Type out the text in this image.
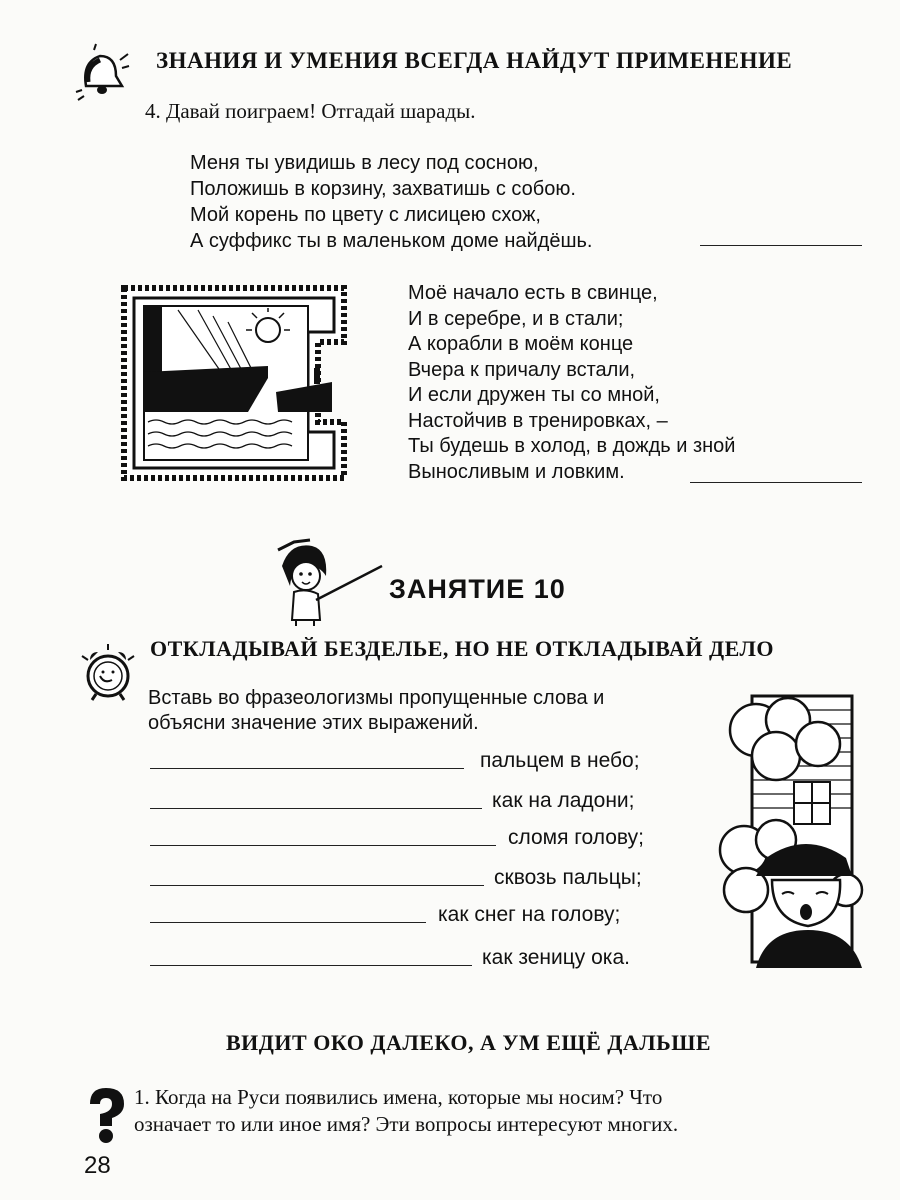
ЗНАНИЯ И УМЕНИЯ ВСЕГДА НАЙДУТ ПРИМЕНЕНИЕ
4. Давай поиграем! Отгадай шарады.
Меня ты увидишь в лесу под сосною,
Положишь в корзину, захватишь с собою.
Мой корень по цвету с лисицею схож,
А суффикс ты в маленьком доме найдёшь.
Моё начало есть в свинце,
И в серебре, и в стали;
А корабли в моём конце
Вчера к причалу встали,
И если дружен ты со мной,
Настойчив в тренировках, –
Ты будешь в холод, в дождь и зной
Выносливым и ловким.
ЗАНЯТИЕ 10
ОТКЛАДЫВАЙ БЕЗДЕЛЬЕ, НО НЕ ОТКЛАДЫВАЙ ДЕЛО
Вставь во фразеологизмы пропущенные слова и
объясни значение этих выражений.
пальцем в небо;
как на ладони;
сломя голову;
сквозь пальцы;
как снег на голову;
как зеницу ока.
ВИДИТ ОКО ДАЛЕКО, А УМ ЕЩЁ ДАЛЬШЕ
1. Когда на Руси появились имена, которые мы носим? Что
означает то или иное имя? Эти вопросы интересуют многих.
28
